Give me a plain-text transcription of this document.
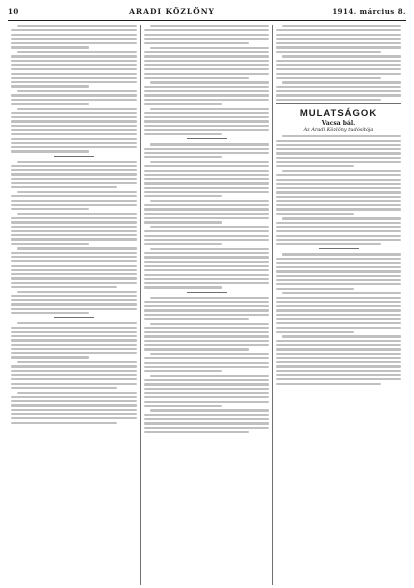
10	ARADI KÖZLÖNY	1914. március 8.
MULATSÁGOK
Vacsa bál.
Az Aradi Közlöny tudósítója
